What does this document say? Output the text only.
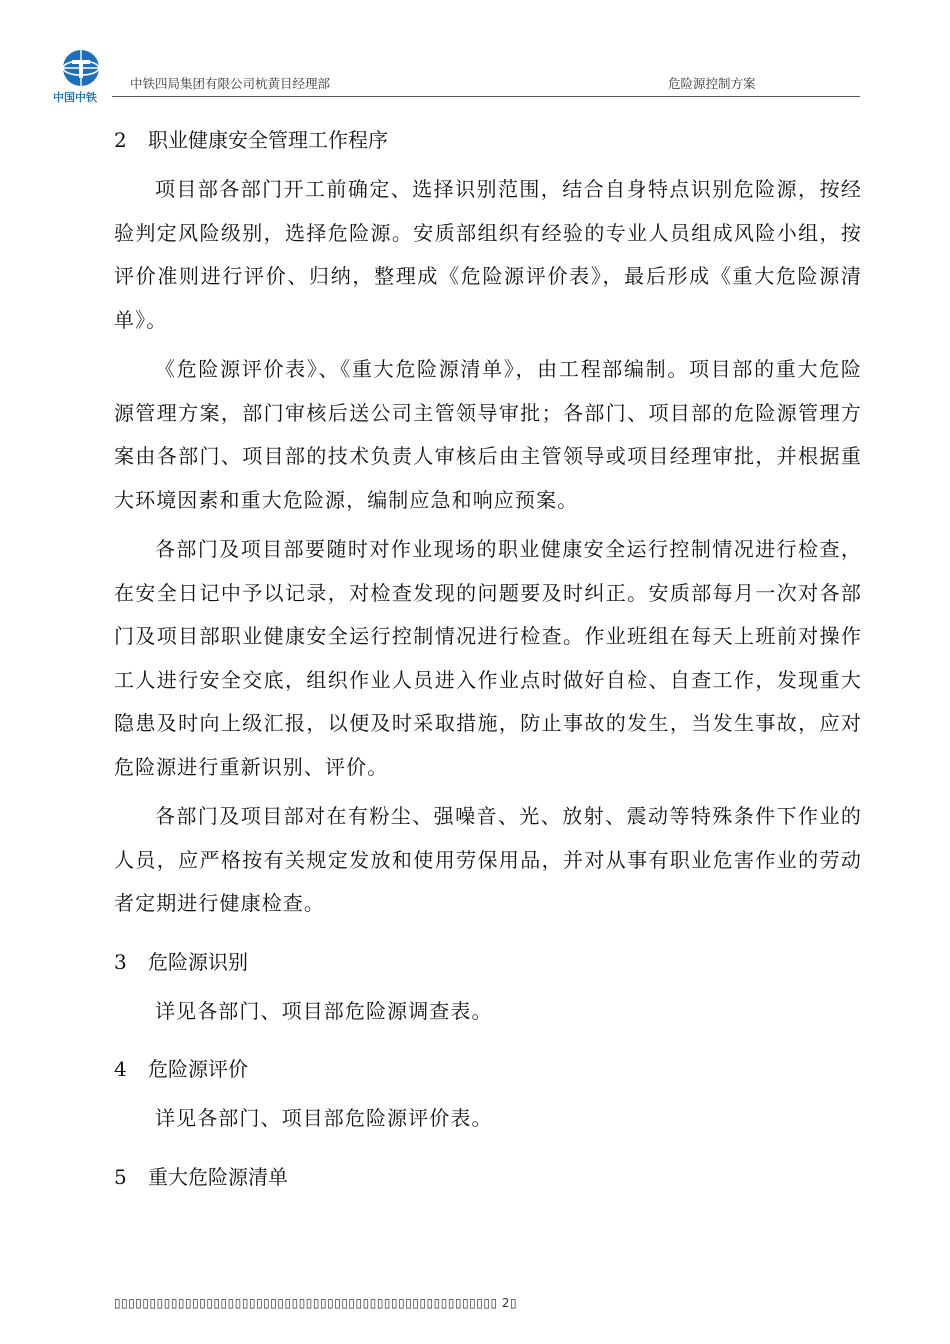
中国中铁
中铁四局集团有限公司杭黄目经理部	危险源控制方案

2 职业健康安全管理工作程序

项目部各部门开工前确定、选择识别范围，结合自身特点识别危险源，按经验判定风险级别，选择危险源。安质部组织有经验的专业人员组成风险小组，按评价准则进行评价、归纳，整理成《危险源评价表》，最后形成《重大危险源清单》。

《危险源评价表》、《重大危险源清单》，由工程部编制。项目部的重大危险源管理方案，部门审核后送公司主管领导审批；各部门、项目部的危险源管理方案由各部门、项目部的技术负责人审核后由主管领导或项目经理审批，并根据重大环境因素和重大危险源，编制应急和响应预案。

各部门及项目部要随时对作业现场的职业健康安全运行控制情况进行检查，在安全日记中予以记录，对检查发现的问题要及时纠正。安质部每月一次对各部门及项目部职业健康安全运行控制情况进行检查。作业班组在每天上班前对操作工人进行安全交底，组织作业人员进入作业点时做好自检、自查工作，发现重大隐患及时向上级汇报，以便及时采取措施，防止事故的发生，当发生事故，应对危险源进行重新识别、评价。

各部门及项目部对在有粉尘、强噪音、光、放射、震动等特殊条件下作业的人员，应严格按有关规定发放和使用劳保用品，并对从事有职业危害作业的劳动者定期进行健康检查。

3 危险源识别

详见各部门、项目部危险源调查表。

4 危险源评价

详见各部门、项目部危险源评价表。

5 重大危险源清单

▯▯▯▯▯▯▯▯▯▯▯▯▯▯▯▯▯▯▯▯▯▯▯▯▯▯▯▯▯▯▯▯▯▯▯▯▯▯▯▯▯▯▯▯▯▯▯▯▯▯▯▯▯▯ 2▯
